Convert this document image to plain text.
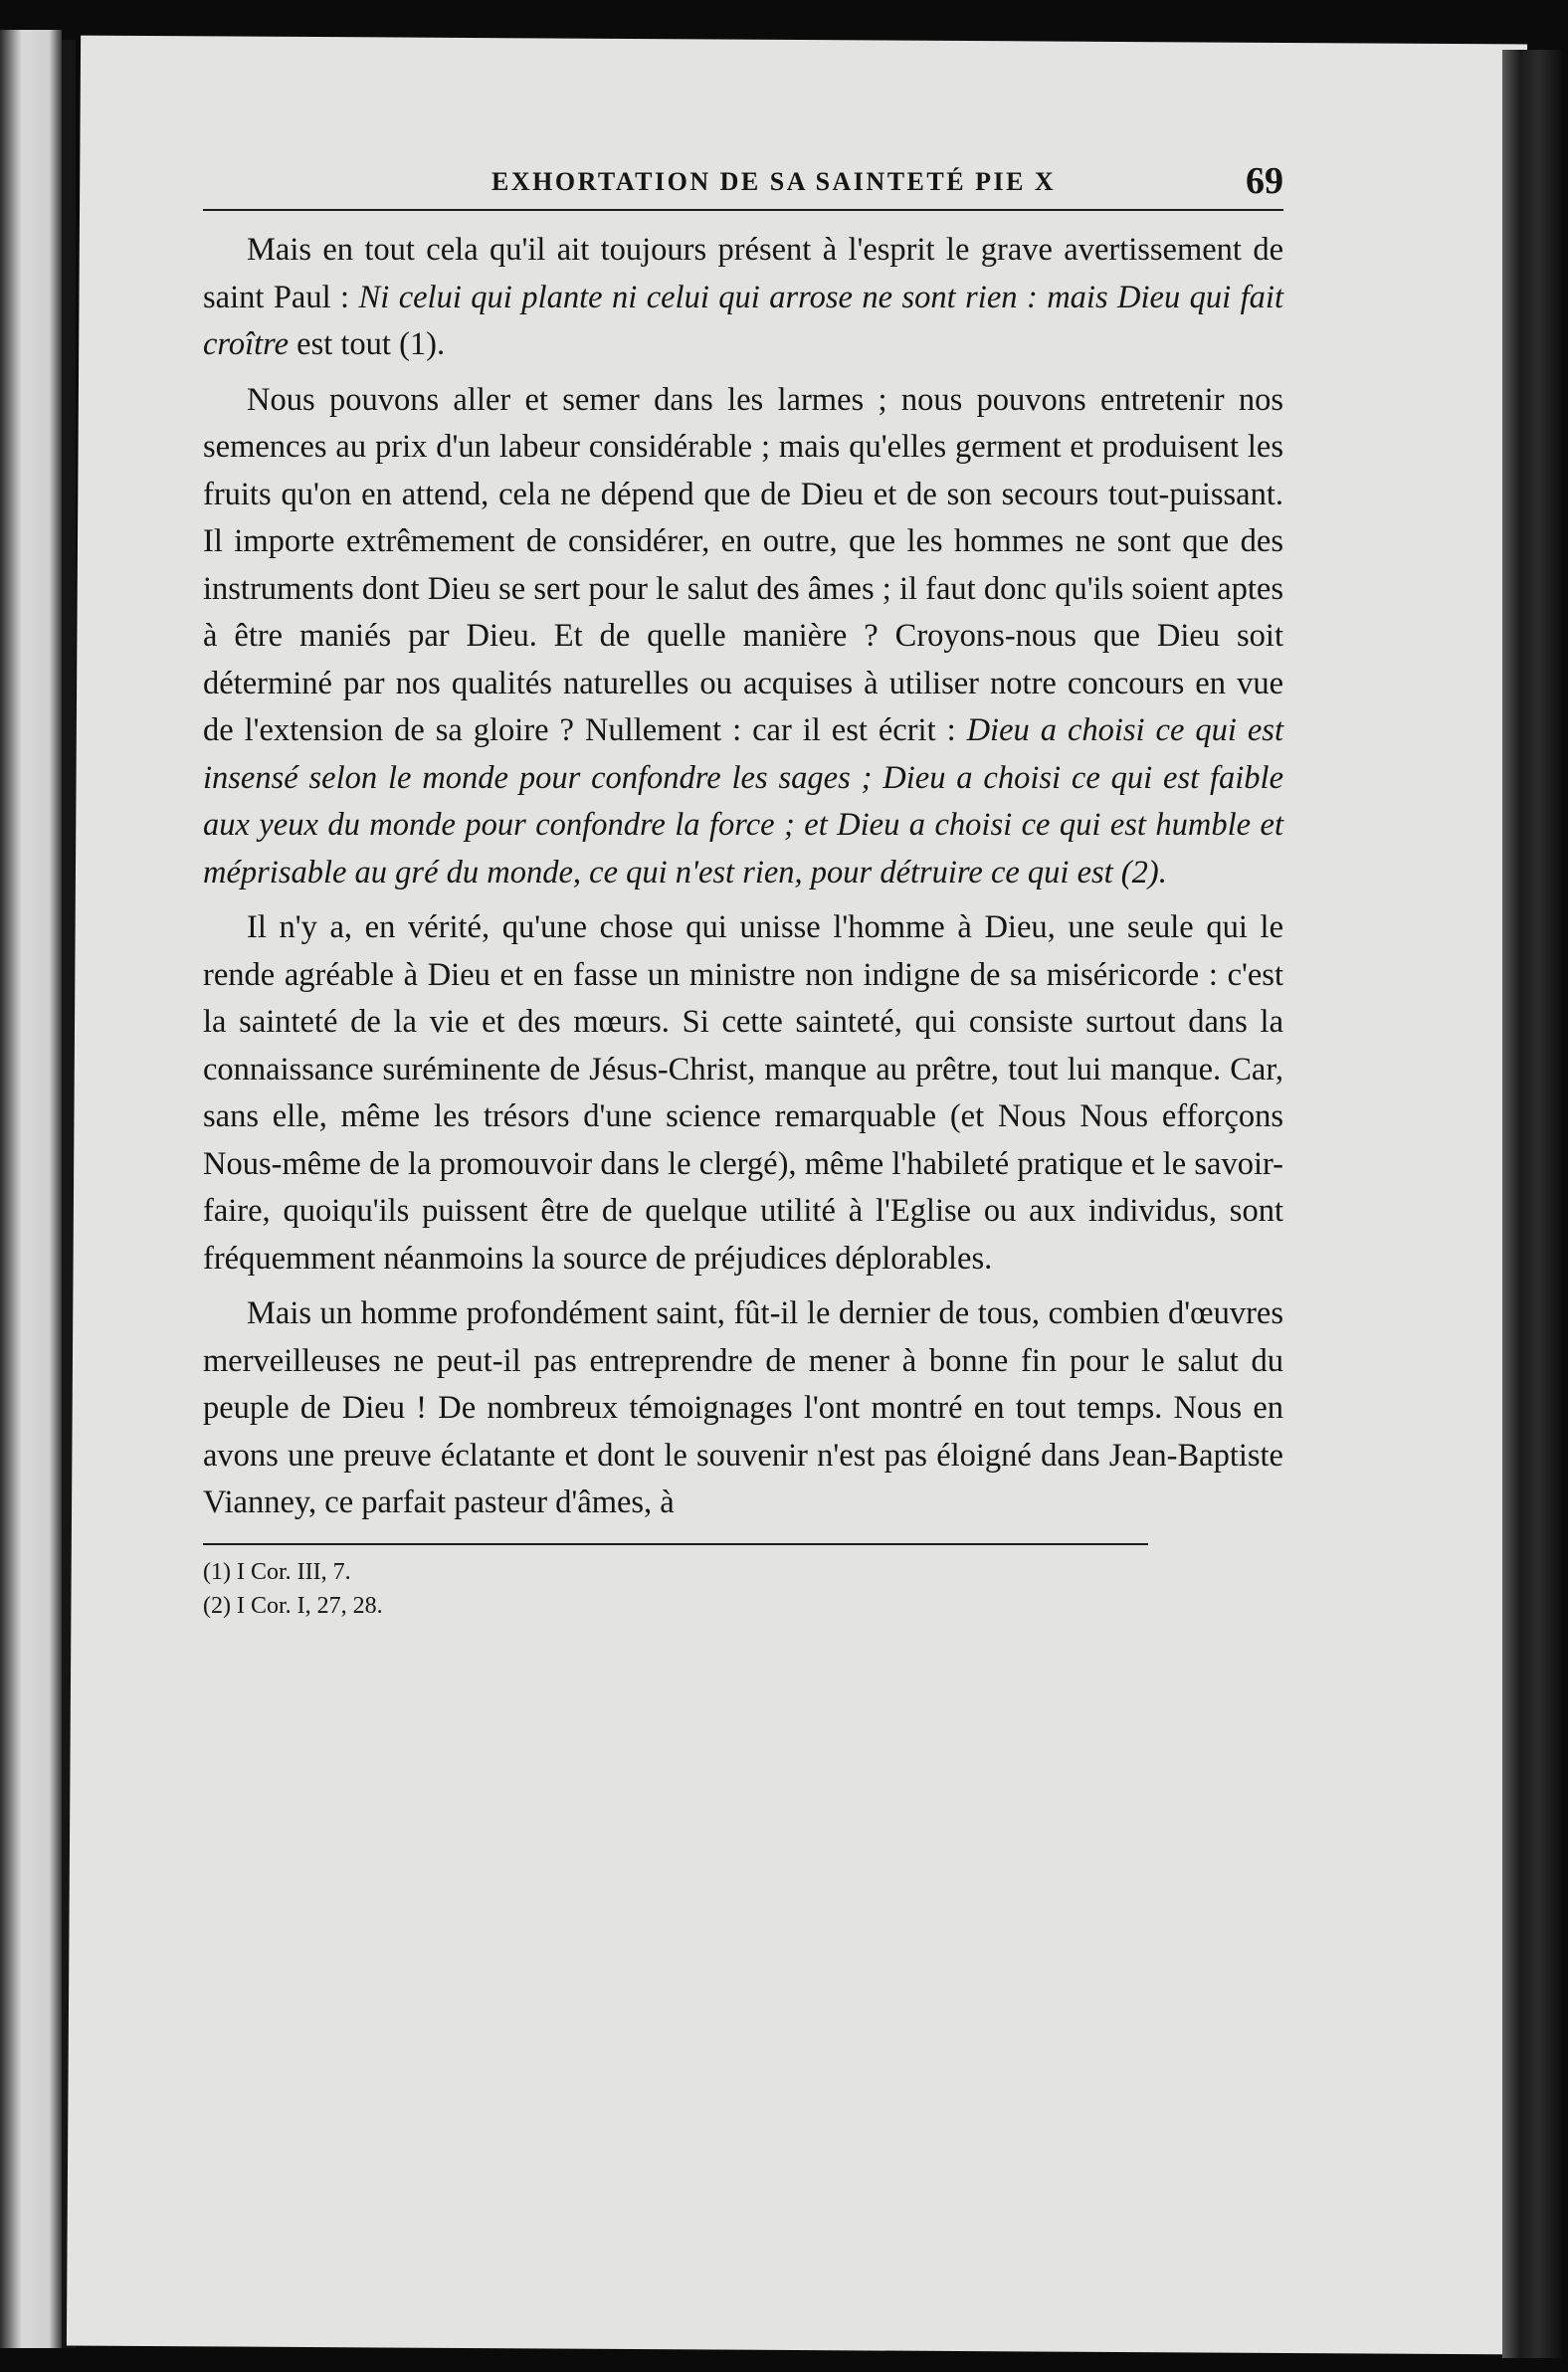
EXHORTATION DE SA SAINTETÉ PIE X	69

Mais en tout cela qu'il ait toujours présent à l'esprit le grave avertissement de saint Paul : Ni celui qui plante ni celui qui arrose ne sont rien : mais Dieu qui fait croître est tout (1).

Nous pouvons aller et semer dans les larmes ; nous pouvons entretenir nos semences au prix d'un labeur considérable ; mais qu'elles germent et produisent les fruits qu'on en attend, cela ne dépend que de Dieu et de son secours tout-puissant. Il importe extrêmement de considérer, en outre, que les hommes ne sont que des instruments dont Dieu se sert pour le salut des âmes ; il faut donc qu'ils soient aptes à être maniés par Dieu. Et de quelle manière ? Croyons-nous que Dieu soit déterminé par nos qualités naturelles ou acquises à utiliser notre concours en vue de l'extension de sa gloire ? Nullement : car il est écrit : Dieu a choisi ce qui est insensé selon le monde pour confondre les sages ; Dieu a choisi ce qui est faible aux yeux du monde pour confondre la force ; et Dieu a choisi ce qui est humble et méprisable au gré du monde, ce qui n'est rien, pour détruire ce qui est (2).

Il n'y a, en vérité, qu'une chose qui unisse l'homme à Dieu, une seule qui le rende agréable à Dieu et en fasse un ministre non indigne de sa miséricorde : c'est la sainteté de la vie et des mœurs. Si cette sainteté, qui consiste surtout dans la connaissance suréminente de Jésus-Christ, manque au prêtre, tout lui manque. Car, sans elle, même les trésors d'une science remarquable (et Nous Nous efforçons Nous-même de la promouvoir dans le clergé), même l'habileté pratique et le savoir-faire, quoiqu'ils puissent être de quelque utilité à l'Eglise ou aux individus, sont fréquemment néanmoins la source de préjudices déplorables.

Mais un homme profondément saint, fût-il le dernier de tous, combien d'œuvres merveilleuses ne peut-il pas entreprendre de mener à bonne fin pour le salut du peuple de Dieu ! De nombreux témoignages l'ont montré en tout temps. Nous en avons une preuve éclatante et dont le souvenir n'est pas éloigné dans Jean-Baptiste Vianney, ce parfait pasteur d'âmes, à

(1) I Cor. III, 7.
(2) I Cor. I, 27, 28.
